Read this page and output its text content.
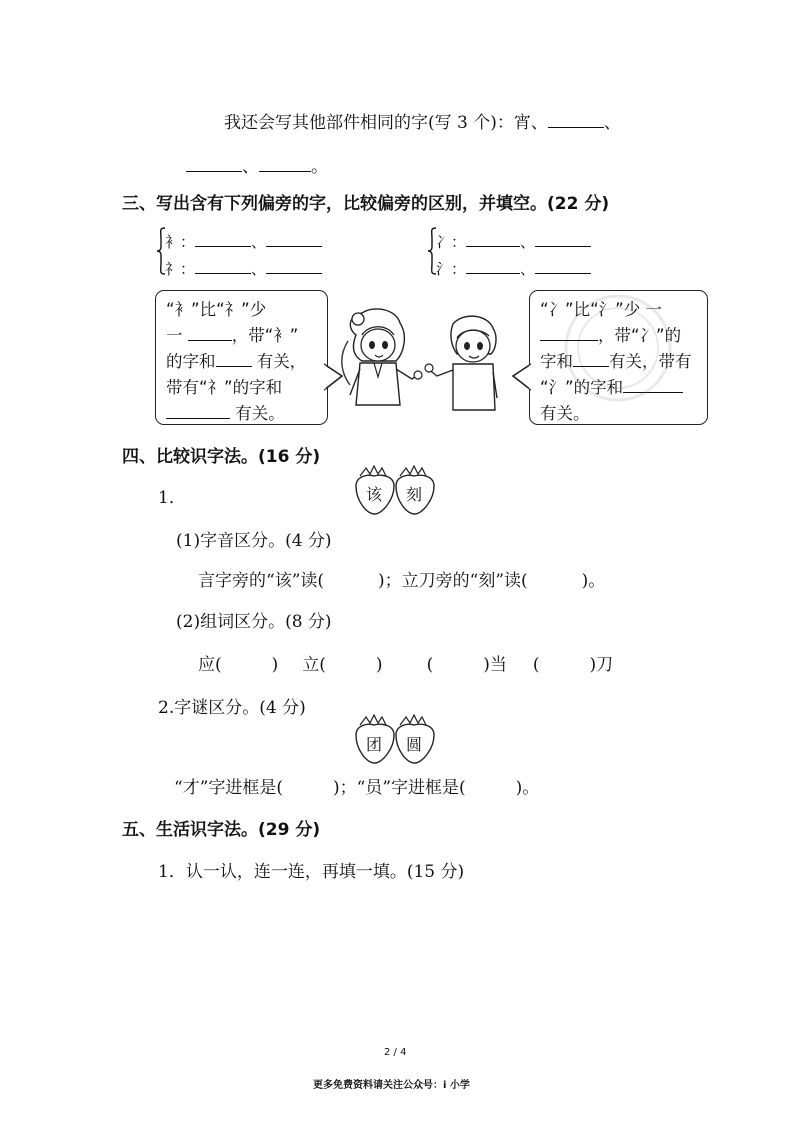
我还会写其他部件相同的字(写 3 个)：宵、	、
、	。
三、写出含有下列偏旁的字，比较偏旁的区别，并填空。(22 分)
衤：	、
礻：	、
冫：	、
氵：	、
“衤”比“礻”少
一	，带“衤”
的字和	有关，
带有“礻”的字和
有关。
“冫”比“氵”少 一
，带“冫”的
字和 有关，带有
“氵”的字和
有关。
四、比较识字法。(16 分)
1．	该 刻
(1)字音区分。(4 分)
言字旁的“该”读(	)；立刀旁的“刻”读(	)。
(2)组词区分。(8 分)
应(	) 立(	)	(	)当 (	)刀
2.字谜区分。(4 分)
团 圆
“才”字进框是(	)；“员”字进框是(	)。
五、生活识字法。(29 分)
1．认一认，连一连，再填一填。(15 分)
2 / 4
更多免费资料请关注公众号：i 小学
